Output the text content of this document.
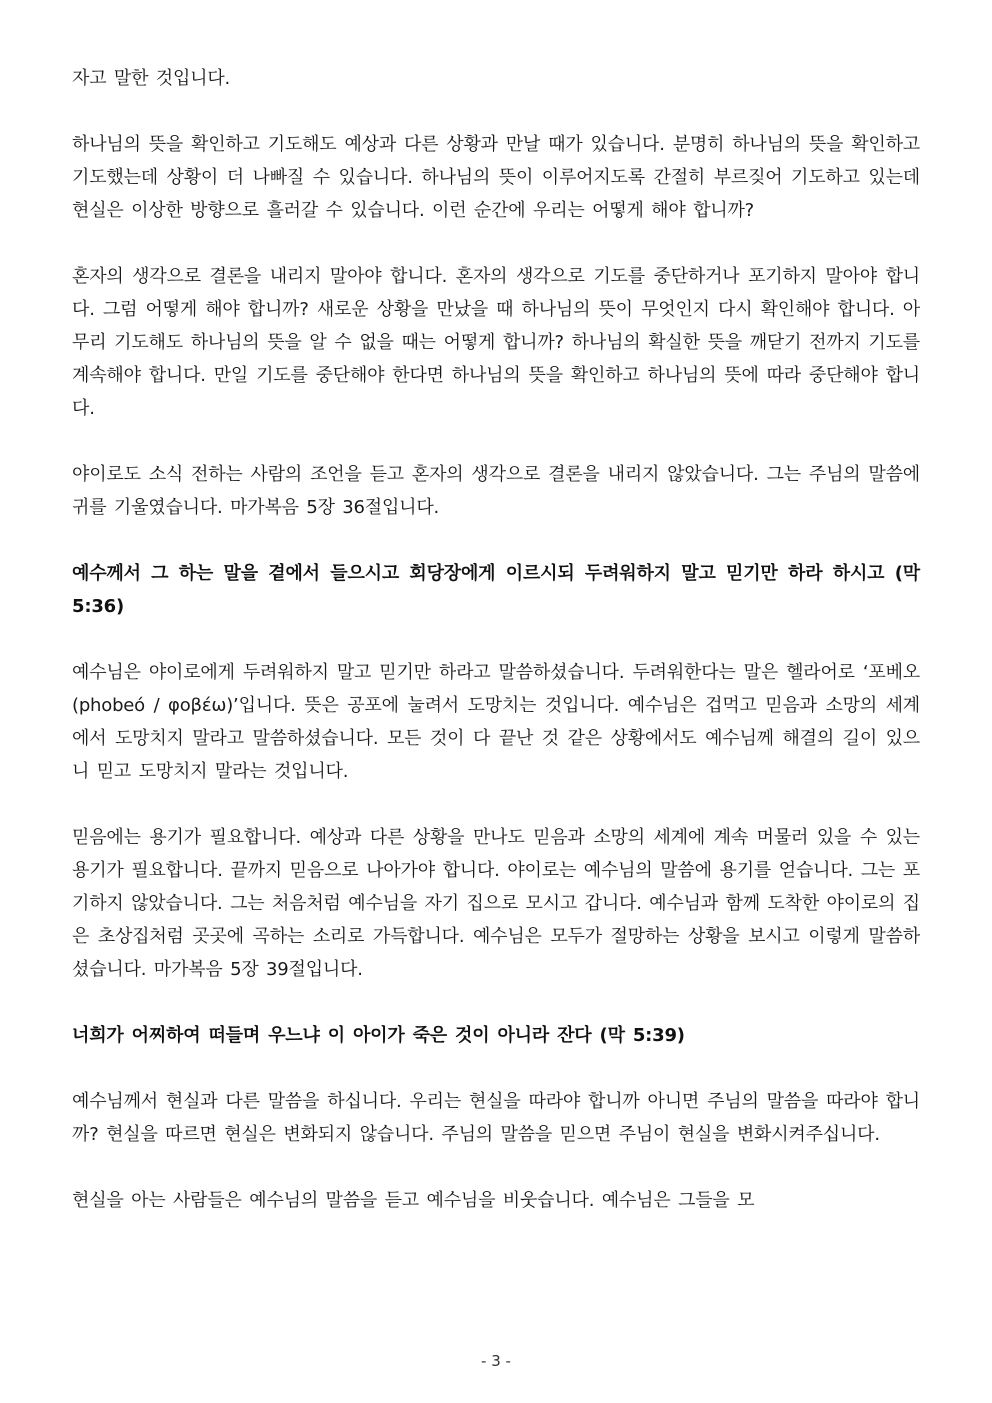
자고 말한 것입니다.

하나님의 뜻을 확인하고 기도해도 예상과 다른 상황과 만날 때가 있습니다. 분명히 하나님의 뜻을 확인하고 기도했는데 상황이 더 나빠질 수 있습니다. 하나님의 뜻이 이루어지도록 간절히 부르짖어 기도하고 있는데 현실은 이상한 방향으로 흘러갈 수 있습니다. 이런 순간에 우리는 어떻게 해야 합니까?

혼자의 생각으로 결론을 내리지 말아야 합니다. 혼자의 생각으로 기도를 중단하거나 포기하지 말아야 합니다. 그럼 어떻게 해야 합니까? 새로운 상황을 만났을 때 하나님의 뜻이 무엇인지 다시 확인해야 합니다. 아무리 기도해도 하나님의 뜻을 알 수 없을 때는 어떻게 합니까? 하나님의 확실한 뜻을 깨닫기 전까지 기도를 계속해야 합니다. 만일 기도를 중단해야 한다면 하나님의 뜻을 확인하고 하나님의 뜻에 따라 중단해야 합니다.

야이로도 소식 전하는 사람의 조언을 듣고 혼자의 생각으로 결론을 내리지 않았습니다. 그는 주님의 말씀에 귀를 기울였습니다. 마가복음 5장 36절입니다.

예수께서 그 하는 말을 곁에서 들으시고 회당장에게 이르시되 두려워하지 말고 믿기만 하라 하시고 (막 5:36)

예수님은 야이로에게 두려워하지 말고 믿기만 하라고 말씀하셨습니다. 두려워한다는 말은 헬라어로 ‘포베오(phobeó / φοβέω)’입니다. 뜻은 공포에 눌려서 도망치는 것입니다. 예수님은 겁먹고 믿음과 소망의 세계에서 도망치지 말라고 말씀하셨습니다. 모든 것이 다 끝난 것 같은 상황에서도 예수님께 해결의 길이 있으니 믿고 도망치지 말라는 것입니다.

믿음에는 용기가 필요합니다. 예상과 다른 상황을 만나도 믿음과 소망의 세계에 계속 머물러 있을 수 있는 용기가 필요합니다. 끝까지 믿음으로 나아가야 합니다. 야이로는 예수님의 말씀에 용기를 얻습니다. 그는 포기하지 않았습니다. 그는 처음처럼 예수님을 자기 집으로 모시고 갑니다. 예수님과 함께 도착한 야이로의 집은 초상집처럼 곳곳에 곡하는 소리로 가득합니다. 예수님은 모두가 절망하는 상황을 보시고 이렇게 말씀하셨습니다. 마가복음 5장 39절입니다.

너희가 어찌하여 떠들며 우느냐 이 아이가 죽은 것이 아니라 잔다 (막 5:39)

예수님께서 현실과 다른 말씀을 하십니다. 우리는 현실을 따라야 합니까 아니면 주님의 말씀을 따라야 합니까? 현실을 따르면 현실은 변화되지 않습니다. 주님의 말씀을 믿으면 주님이 현실을 변화시켜주십니다.

현실을 아는 사람들은 예수님의 말씀을 듣고 예수님을 비웃습니다. 예수님은 그들을 모

- 3 -
